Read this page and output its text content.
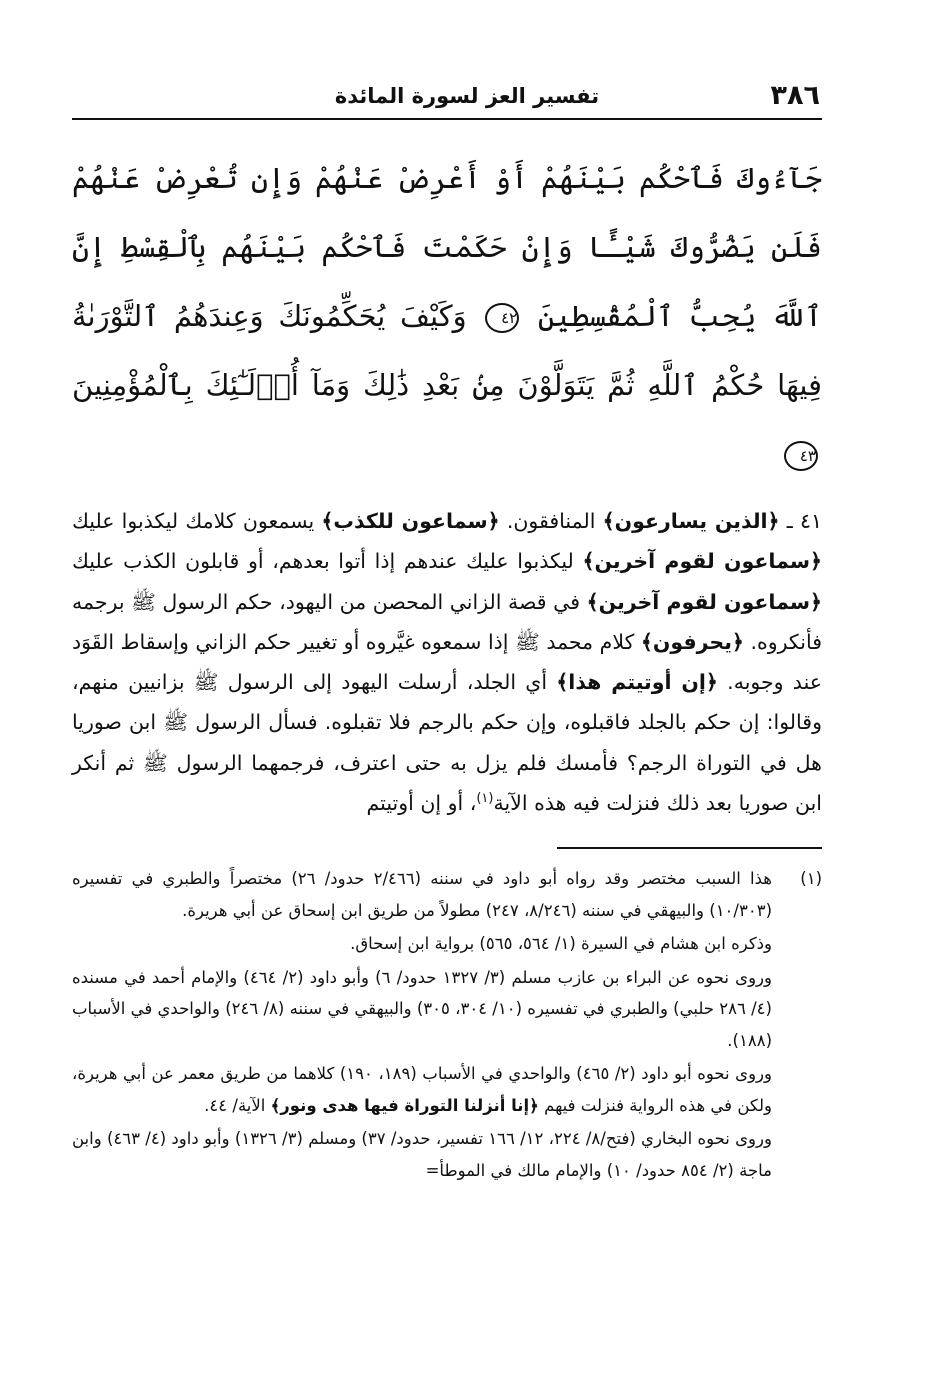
٣٨٦
تفسير العز لسورة المائدة
جَآءُوكَ فَٱحْكُم بَيْنَهُمْ أَوْ أَعْرِضْ عَنْهُمْ وَإِن تُعْرِضْ عَنْهُمْ فَلَن يَضُرُّوكَ شَيْـًٔا وَإِنْ حَكَمْتَ فَٱحْكُم بَيْنَهُم بِٱلْقِسْطِ إِنَّ ٱللَّهَ يُحِبُّ ٱلْمُقْسِطِينَ ٤٢ وَكَيْفَ يُحَكِّمُونَكَ وَعِندَهُمُ ٱلتَّوْرَىٰةُ فِيهَا حُكْمُ ٱللَّهِ ثُمَّ يَتَوَلَّوْنَ مِنۢ بَعْدِ ذَٰلِكَ وَمَآ أُو۟لَـٰٓئِكَ بِٱلْمُؤْمِنِينَ ٤٣
٤١ ـ ﴿الذين يسارعون﴾ المنافقون. ﴿سماعون للكذب﴾ يسمعون كلامك ليكذبوا عليك ﴿سماعون لقوم آخرين﴾ ليكذبوا عليك عندهم إذا أتوا بعدهم، أو قابلون الكذب عليك ﴿سماعون لقوم آخرين﴾ في قصة الزاني المحصن من اليهود، حكم الرسول ﷺ برجمه فأنكروه. ﴿يحرفون﴾ كلام محمد ﷺ إذا سمعوه غيَّروه أو تغيير حكم الزاني وإسقاط القَوَد عند وجوبه. ﴿إن أوتيتم هذا﴾ أي الجلد، أرسلت اليهود إلى الرسول ﷺ بزانيين منهم، وقالوا: إن حكم بالجلد فاقبلوه، وإن حكم بالرجم فلا تقبلوه. فسأل الرسول ﷺ ابن صوريا هل في التوراة الرجم؟ فأمسك فلم يزل به حتى اعترف، فرجمهما الرسول ﷺ ثم أنكر ابن صوريا بعد ذلك فنزلت فيه هذه الآية$^{(١)}$، أو إن أوتيتم
(١)
هذا السبب مختصر وقد رواه أبو داود في سننه (٢/٤٦٦ حدود/ ٢٦) مختصراً والطبري في تفسيره (١٠/٣٠٣) والبيهقي في سننه (٨/٢٤٦، ٢٤٧) مطولاً من طريق ابن إسحاق عن أبي هريرة.
وذكره ابن هشام في السيرة (١/ ٥٦٤، ٥٦٥) برواية ابن إسحاق.
وروى نحوه عن البراء بن عازب مسلم (٣/ ١٣٢٧ حدود/ ٦) وأبو داود (٢/ ٤٦٤) والإمام أحمد في مسنده (٤/ ٢٨٦ حلبي) والطبري في تفسيره (١٠/ ٣٠٤، ٣٠٥) والبيهقي في سننه (٨/ ٢٤٦) والواحدي في الأسباب (١٨٨).
وروى نحوه أبو داود (٢/ ٤٦٥) والواحدي في الأسباب (١٨٩، ١٩٠) كلاهما من طريق معمر عن أبي هريرة، ولكن في هذه الرواية فنزلت فيهم ﴿إنا أنزلنا التوراة فيها هدى ونور﴾ الآية/ ٤٤.
وروى نحوه البخاري (فتح/٨/ ٢٢٤، ١٢/ ١٦٦ تفسير، حدود/ ٣٧) ومسلم (٣/ ١٣٢٦) وأبو داود (٤/ ٤٦٣) وابن ماجة (٢/ ٨٥٤ حدود/ ١٠) والإمام مالك في الموطأ=
